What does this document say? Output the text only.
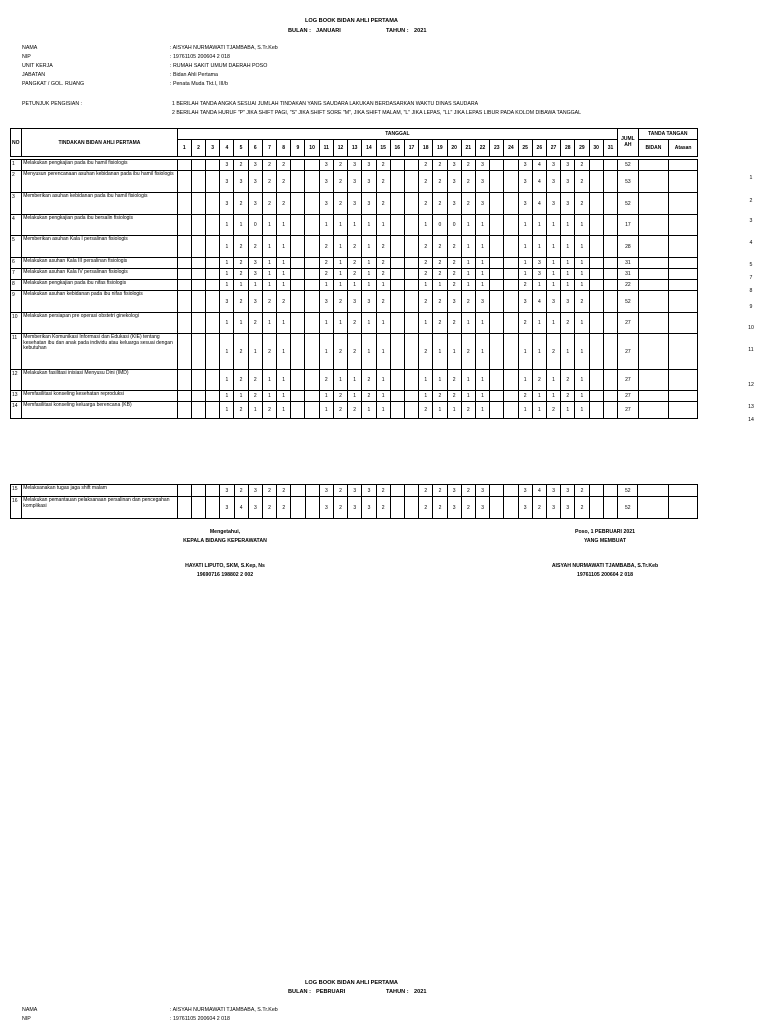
LOG BOOK BIDAN AHLI PERTAMA
BULAN : JANUARI	TAHUN : 2021
NAMA	: AISYAH NURMAWATI TJAMBABA, S.Tr.Keb
NIP	: 19761105 200604 2 018
UNIT KERJA	: RUMAH SAKIT UMUM DAERAH POSO
JABATAN	: Bidan Ahli Pertama
PANGKAT / GOL. RUANG	: Penata Muda Tkt.I, III/b
PETUNJUK PENGISIAN :	1 BERILAH TANDA ANGKA SESUAI JUMLAH TINDAKAN YANG SAUDARA LAKUKAN BERDASARKAN WAKTU DINAS SAUDARA
2 BERILAH TANDA HURUF "P" JIKA SHIFT PAGI, "S" JIKA SHIFT SORE "M", JIKA SHIFT MALAM, "L" JIKA LEPAS, "LL" JIKA LEPAS LIBUR PADA KOLOM DIBAWA TANGGAL
NO	TINDAKAN BIDAN AHLI PERTAMA	TANGGAL																															JUML AH	TANDA TANGAN	
		1	2	3	4	5	6	7	8	9	10	11	12	13	14	15	16	17	18	19	20	21	22	23	24	25	26	27	28	29	30	31		BIDAN	Atasan

1	Melakukan pengkajian pada ibu hamil fisiologis				3	2	3	2	2			3	2	3	3	2			2	2	3	2	3			3	4	3	3	2			52		
2	Menyusun perencanaan asuhan kebidanan pada ibu hamil fisiologis				3	3	3	2	2			3	2	3	3	2			2	2	3	2	3			3	4	3	3	2			53		
3	Memberikan asuhan kebidanan pada ibu hamil fisiologis				3	2	3	2	2			3	2	3	3	2			2	2	3	2	3			3	4	3	3	2			52		
4	Melakukan pengkajian pada ibu bersalin fisiologis				1	1	0	1	1			1	1	1	1	1			1	0	0	1	1			1	1	1	1	1			17		
5	Memberikan asuhan Kala I persalinan fisiologis				1	2	2	1	1			2	1	2	1	2			2	2	2	1	1			1	1	1	1	1			28		
6	Melakukan asuhan Kala III persalinan fisiologis				1	2	3	1	1			2	1	2	1	2			2	2	2	1	1			1	3	1	1	1			31		
7	Melakukan asuhan Kala IV persalinan fisiologis				1	2	3	1	1			2	1	2	1	2			2	2	2	1	1			1	3	1	1	1			31		
8	Melakukan pengkajian pada ibu nifas fisiologis				1	1	1	1	1			1	1	1	1	1			1	1	2	1	1			2	1	1	1	1			22		
9	Melakukan asuhan kebidanan pada ibu nifas fisiologis				3	2	3	2	2			3	2	3	3	2			2	2	3	2	3			3	4	3	3	2			52		
10	Melakukan persiapan pre operasi obstetri ginekologi				1	1	2	1	1			1	1	2	1	1			1	2	2	1	1			2	1	1	2	1			27		
11	Memberikan Komunikasi Informasi dan Edukasi (KIE) tentang kesehatan ibu dan anak pada individu atau keluarga sesuai dengan kebutuhan				1	2	1	2	1			1	2	2	1	1			2	1	1	2	1			1	1	2	1	1			27		
12	Melakukan fasilitasi inisiasi Menyusu Dini (IMD)				1	2	2	1	1			2	1	1	2	1			1	1	2	1	1			1	2	1	2	1			27		
13	Memfasilitasi konseling kesehatan reproduksi				1	1	2	1	1			1	2	1	2	1			1	2	2	1	1			2	1	1	2	1			27		
14	Memfasilitasi konseling keluarga berencana (KB)				1	2	1	2	1			1	2	2	1	1			2	1	1	2	1			1	1	2	1	1			27		
15	Melaksanakan tugas jaga shift malam				3	2	3	2	2			3	2	3	3	2			2	2	3	2	3			3	4	3	3	2			52		
16	Melakukan pemantauan pelaksanaan persalinan dan pencegahan komplikasi				3	4	3	2	2			3	2	3	3	2			2	2	3	2	3			3	2	3	3	2			52		
1
2
3
4
5
7
8
9
10
11
12
13
14
Mengetahui,
KEPALA BIDANG KEPERAWATAN
HAYATI LIPUTO, SKM, S.Kep, Ns
19690716 198802 2 002
Poso, 1 PEBRUARI 2021
YANG MEMBUAT
AISYAH NURMAWATI TJAMBABA, S.Tr.Keb
19761105 200604 2 018
LOG BOOK BIDAN AHLI PERTAMA
BULAN : PEBRUARI	TAHUN : 2021
NAMA	: AISYAH NURMAWATI TJAMBABA, S.Tr.Keb
NIP	: 19761105 200604 2 018
